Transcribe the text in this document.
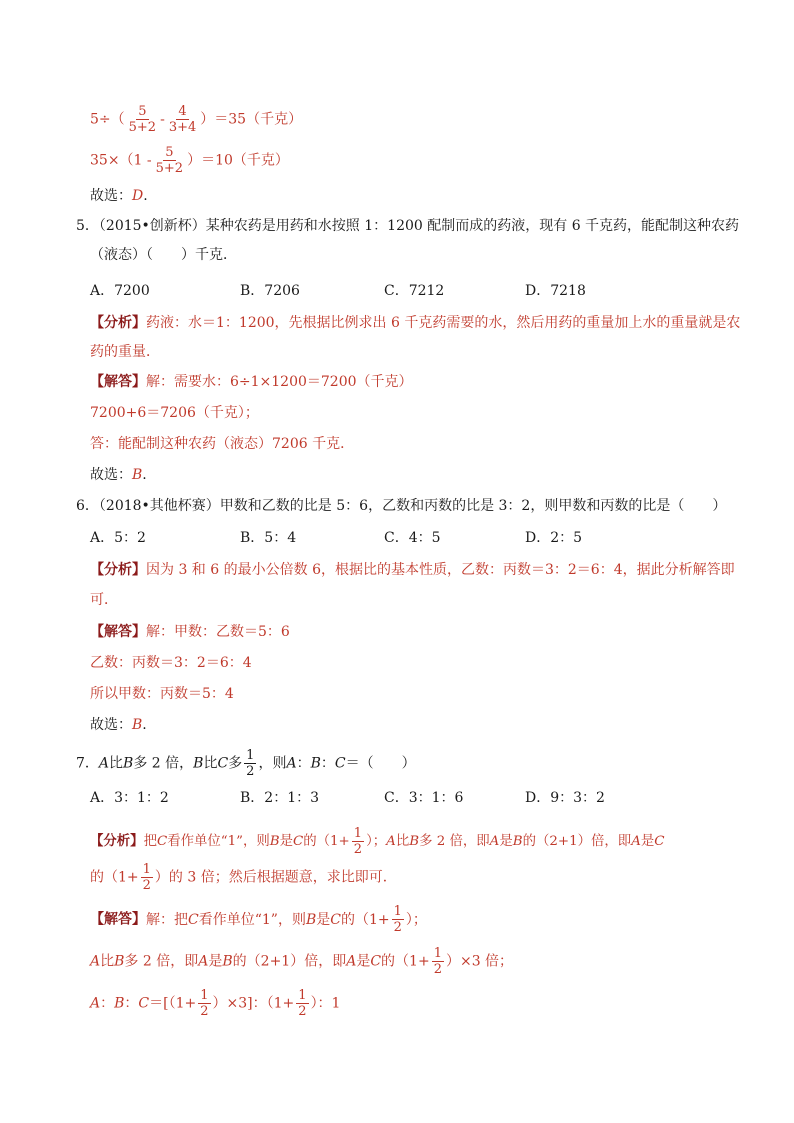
$5\div( \frac{5}{5+2} - \frac{4}{3+4} )=35$（千克）
$35\times(1 - \frac{5}{5+2} )=10$（千克）
故选：D.
5．（2015•创新杯）某种农药是用药和水按照 1：1200 配制而成的药液，现有 6 千克药，能配制这种农药
（液态）（　　）千克．
A．7200	B．7206	C．7212	D．7218
【分析】药液：水＝1：1200，先根据比例求出 6 千克药需要的水，然后用药的重量加上水的重量就是农
药的重量．
【解答】解：需要水：6÷1×1200＝7200（千克）
7200+6＝7206（千克）；
答：能配制这种农药（液态）7206 千克．
故选：B.
6．（2018•其他杯赛）甲数和乙数的比是 5：6，乙数和丙数的比是 3：2，则甲数和丙数的比是（　　）
A．5：2	B．5：4	C．4：5	D．2：5
【分析】因为 3 和 6 的最小公倍数 6，根据比的基本性质，乙数：丙数＝3：2＝6：4，据此分析解答即
可．
【解答】解：甲数：乙数＝5：6
乙数：丙数＝3：2＝6：4
所以甲数：丙数＝5：4
故选：B.
7．A比B多 2 倍，B比C多 $\frac{1}{2}$ ，则A：B：C＝（　　）
A．3：1：2	B．2：1：3	C．3：1：6	D．9：3：2
【分析】把C看作单位“1”，则B是C的（$1+ \frac{1}{2}$ ）；A比B多 2 倍，即A是B的（2+1）倍，即A是C
的（$1+ \frac{1}{2}$ ）的 3 倍；然后根据题意，求比即可．
【解答】解：把C看作单位“1”，则B是C的（$1+ \frac{1}{2}$ ）；
A比B多 2 倍，即A是B的（2+1）倍，即A是C的$(1+ \frac{1}{2} )\times 3$ 倍；
A：B：$C=[(1+ \frac{1}{2} )\times 3]$：（$1+ \frac{1}{2}$ ）：1
